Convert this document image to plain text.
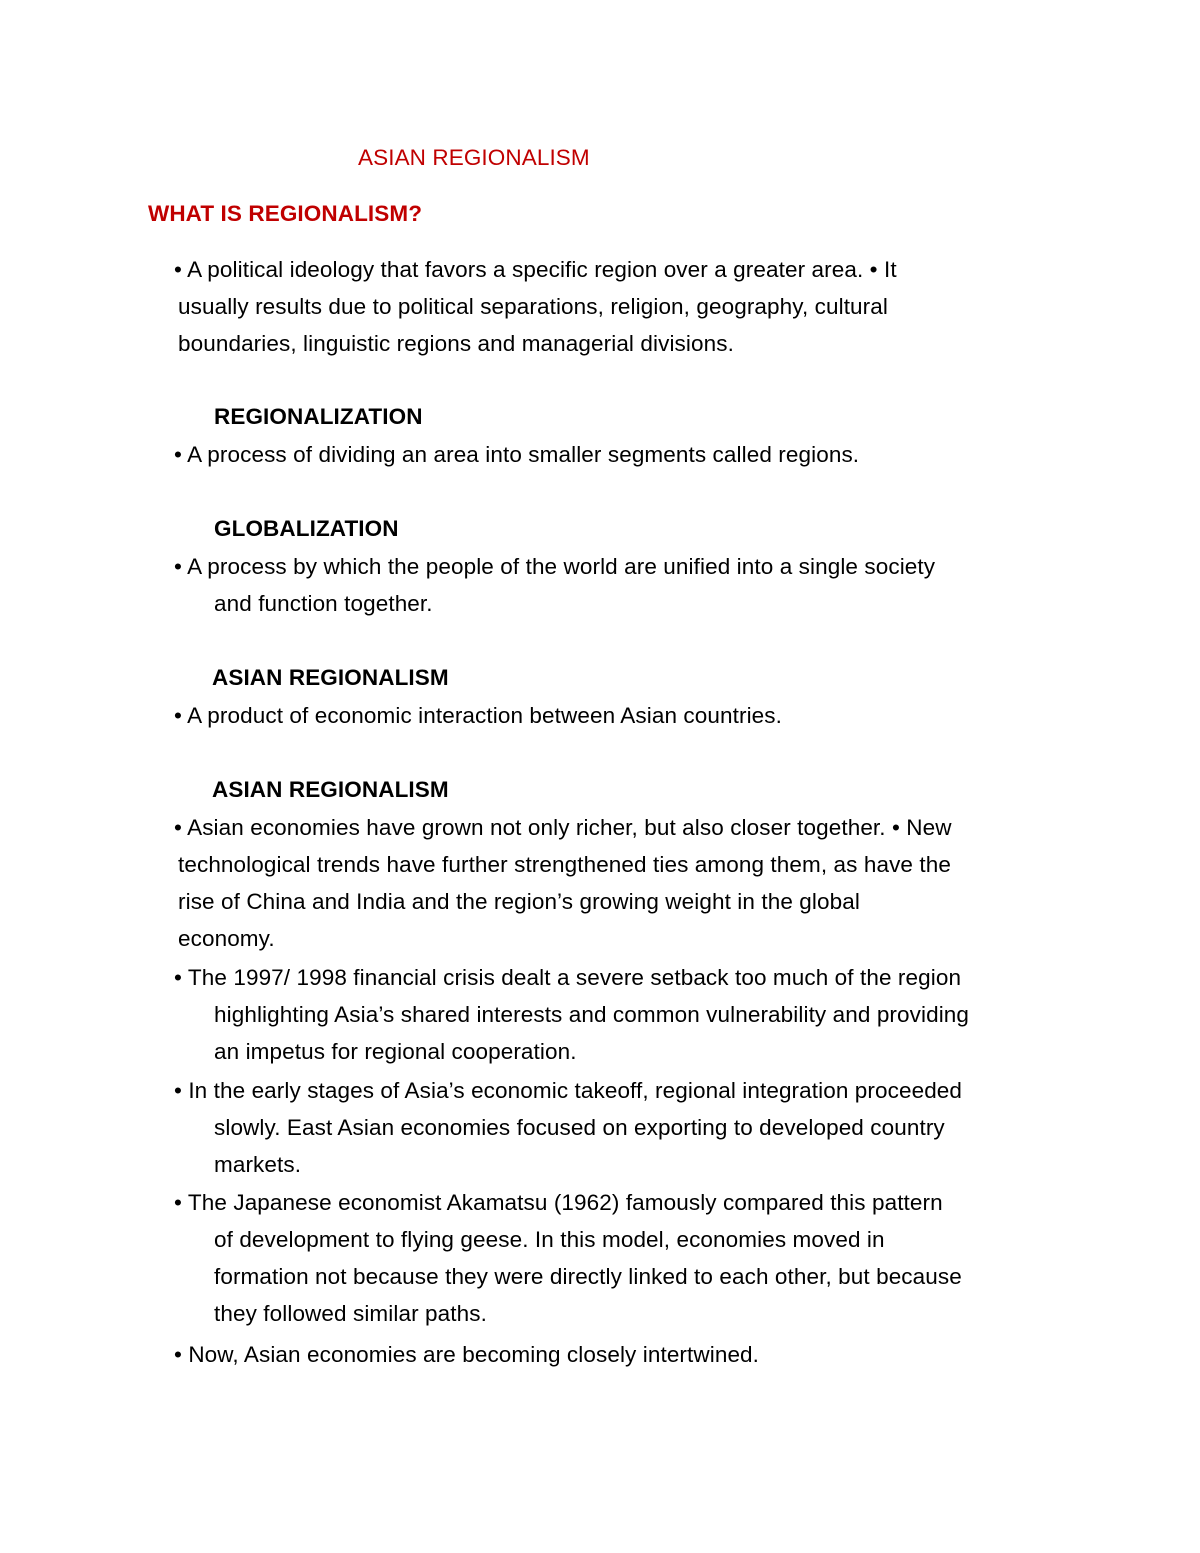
ASIAN REGIONALISM
WHAT IS REGIONALISM?
• A political ideology that favors a specific region over a greater area. • It
usually results due to political separations, religion, geography, cultural
boundaries, linguistic regions and managerial divisions.
REGIONALIZATION
• A process of dividing an area into smaller segments called regions.
GLOBALIZATION
• A process by which the people of the world are unified into a single society
and function together.
ASIAN REGIONALISM
• A product of economic interaction between Asian countries.
ASIAN REGIONALISM
• Asian economies have grown not only richer, but also closer together. • New
technological trends have further strengthened ties among them, as have the
rise of China and India and the region’s growing weight in the global
economy.
• The 1997/ 1998 financial crisis dealt a severe setback too much of the region
highlighting Asia’s shared interests and common vulnerability and providing
an impetus for regional cooperation.
• In the early stages of Asia’s economic takeoff, regional integration proceeded
slowly. East Asian economies focused on exporting to developed country
markets.
• The Japanese economist Akamatsu (1962) famously compared this pattern
of development to flying geese. In this model, economies moved in
formation not because they were directly linked to each other, but because
they followed similar paths.
• Now, Asian economies are becoming closely intertwined.
